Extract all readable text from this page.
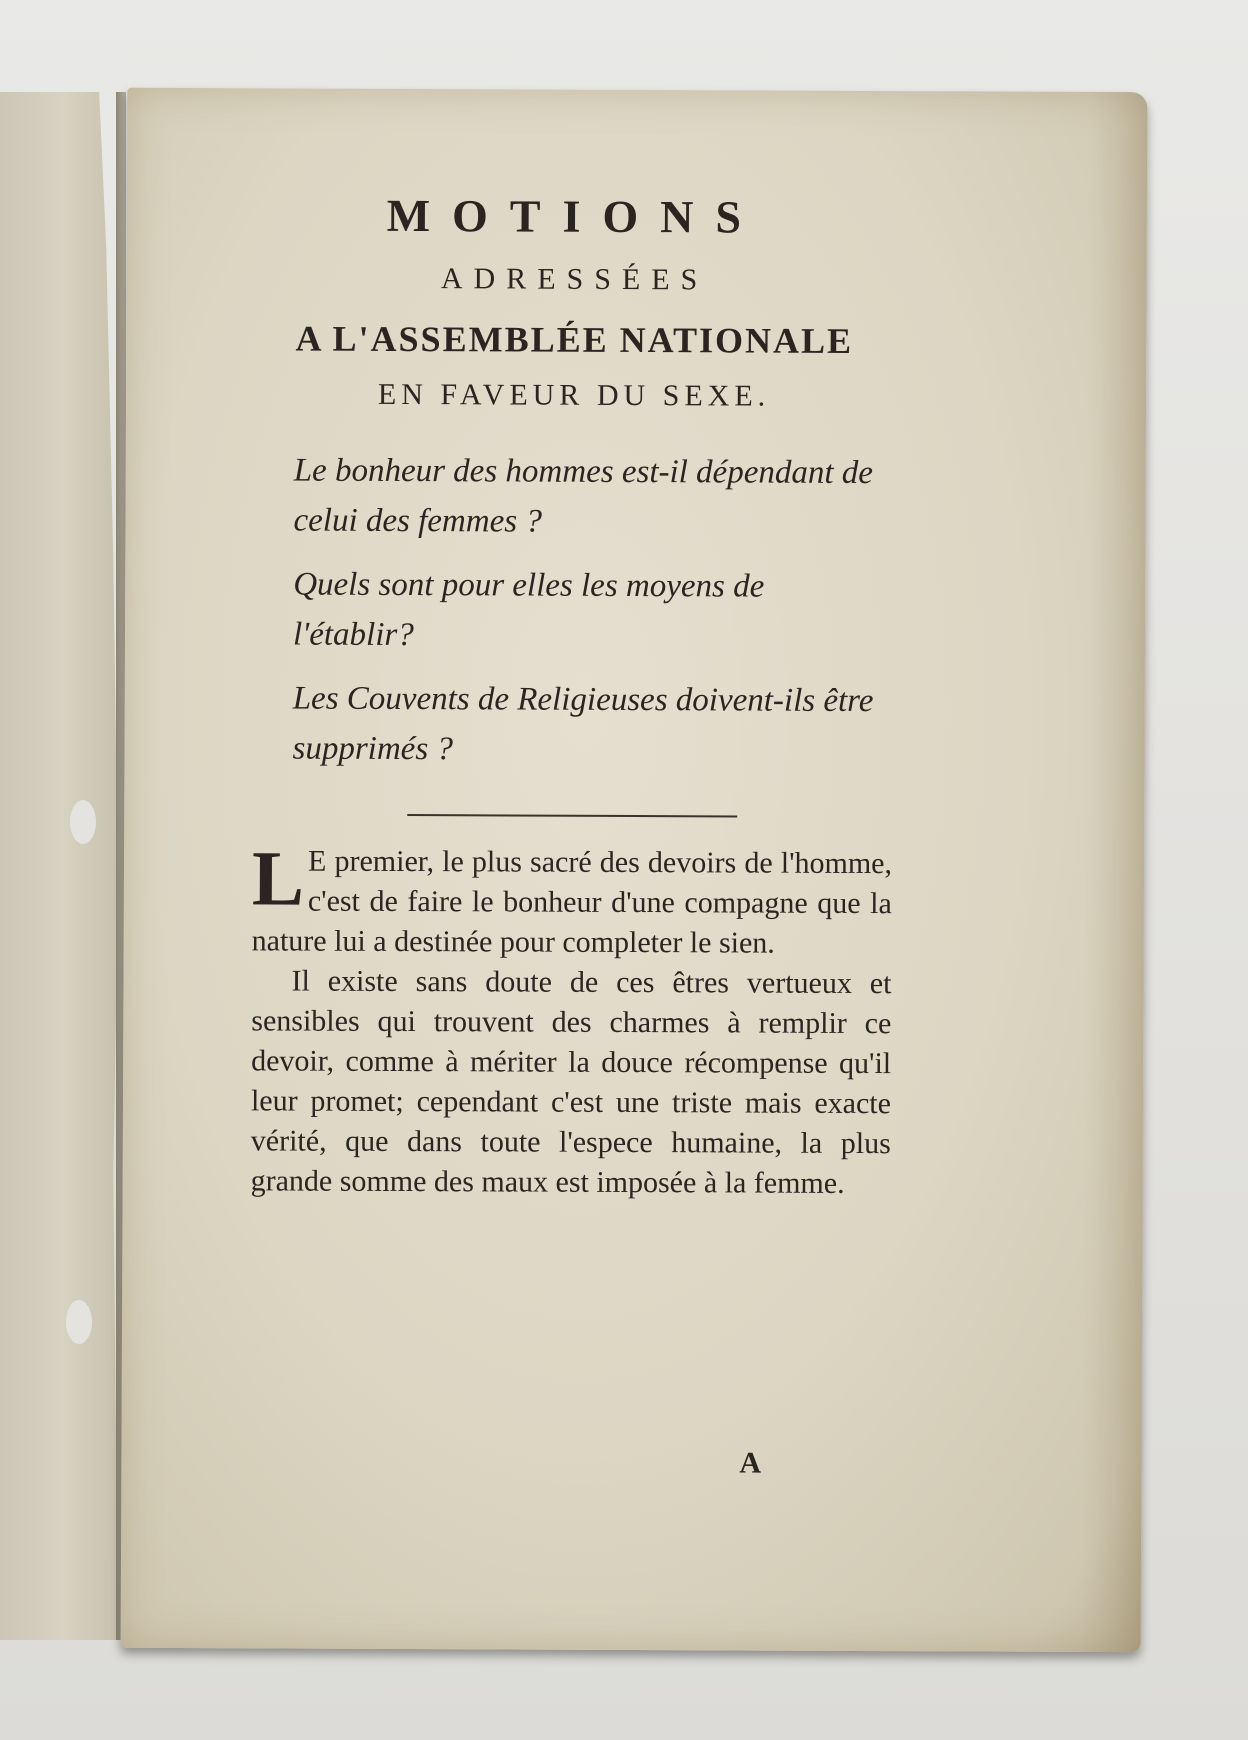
MOTIONS
ADRESSÉES
A L'ASSEMBLÉE NATIONALE
EN FAVEUR DU SEXE.

Le bonheur des hommes est-il dépendant de celui des femmes ?

Quels sont pour elles les moyens de l'établir?

Les Couvents de Religieuses doivent-ils être supprimés ?

L E premier, le plus sacré des devoirs de l'homme, c'est de faire le bonheur d'une compagne que la nature lui a destinée pour completer le sien.

Il existe sans doute de ces êtres vertueux et sensibles qui trouvent des charmes à remplir ce devoir, comme à mériter la douce récompense qu'il leur promet; cependant c'est une triste mais exacte vérité, que dans toute l'espece humaine, la plus grande somme des maux est imposée à la femme.

A
